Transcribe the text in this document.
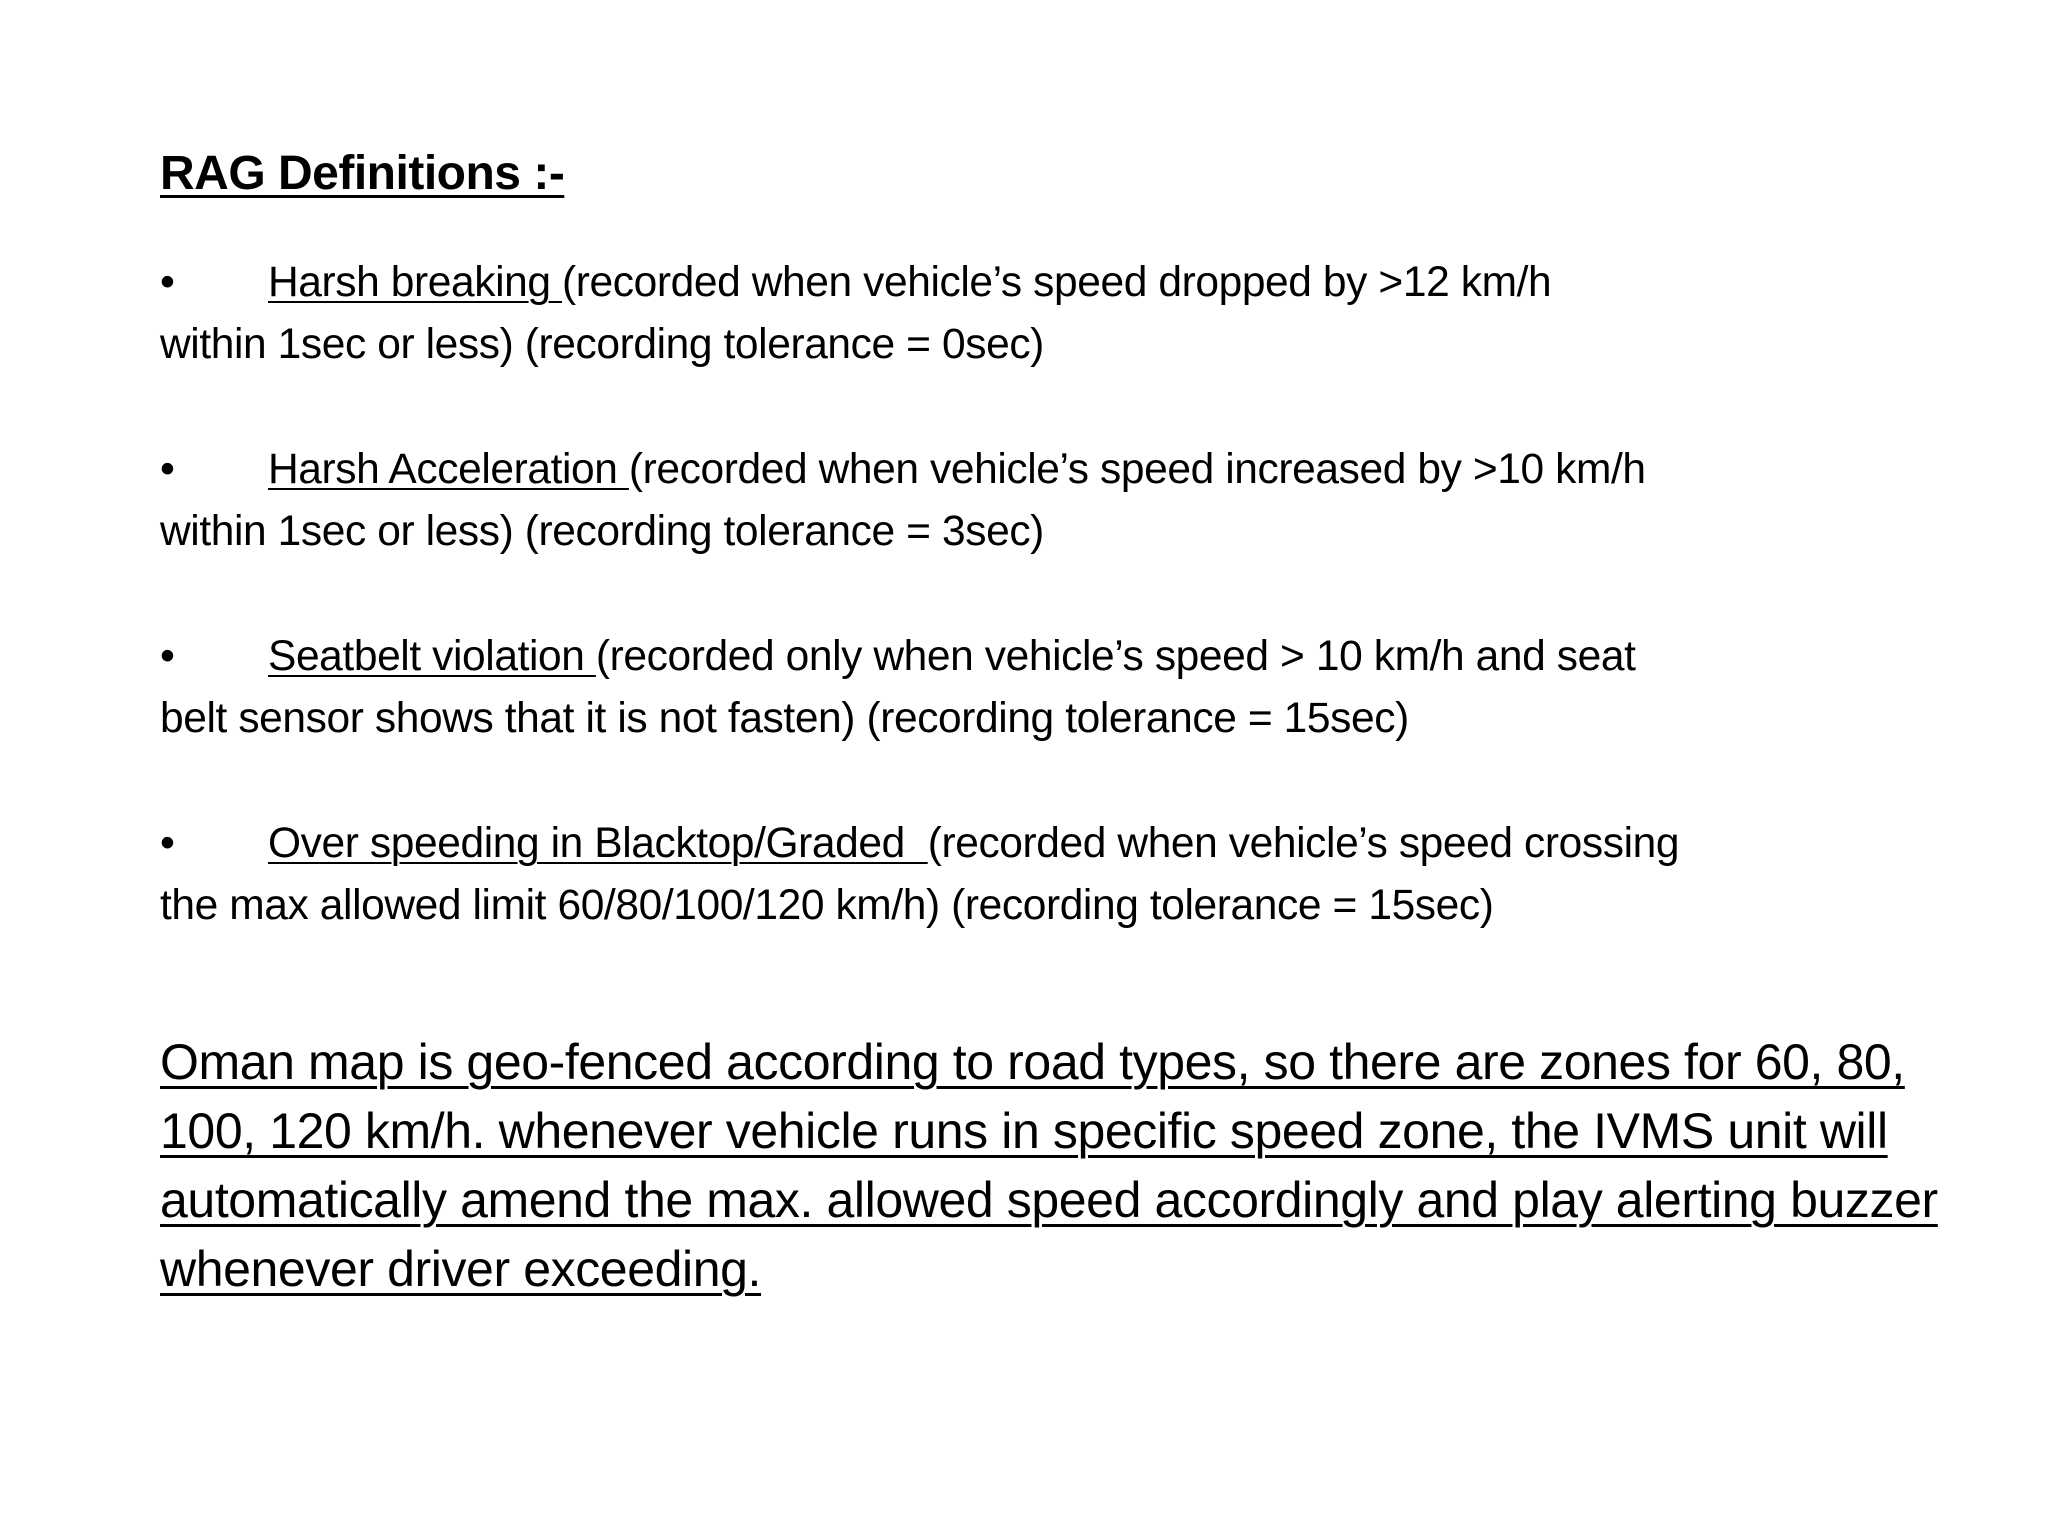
RAG Definitions :-

• Harsh breaking (recorded when vehicle’s speed dropped by >12 km/h
within 1sec or less) (recording tolerance = 0sec)

• Harsh Acceleration (recorded when vehicle’s speed increased by >10 km/h
within 1sec or less) (recording tolerance = 3sec)

• Seatbelt violation (recorded only when vehicle’s speed > 10 km/h and seat
belt sensor shows that it is not fasten) (recording tolerance = 15sec)

• Over speeding in Blacktop/Graded  (recorded when vehicle’s speed crossing
the max allowed limit 60/80/100/120 km/h) (recording tolerance = 15sec)

Oman map is geo-fenced according to road types, so there are zones for 60, 80, 100, 120 km/h. whenever vehicle runs in specific speed zone, the IVMS unit will automatically amend the max. allowed speed accordingly and play alerting buzzer whenever driver exceeding.
